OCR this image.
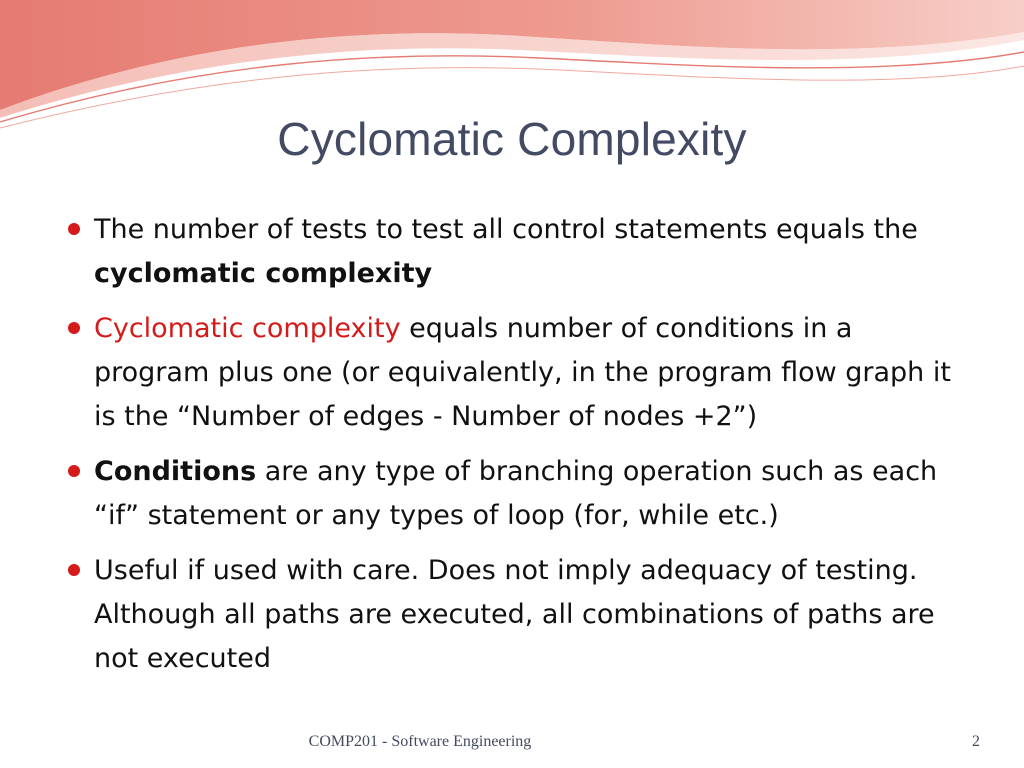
Cyclomatic Complexity
The number of tests to test all control statements equals the cyclomatic complexity
Cyclomatic complexity equals number of conditions in a program plus one (or equivalently, in the program flow graph it is the “Number of edges - Number of nodes +2”)
Conditions are any type of branching operation such as each “if” statement or any types of loop (for, while etc.)
Useful if used with care. Does not imply adequacy of testing. Although all paths are executed, all combinations of paths are not executed
COMP201 - Software Engineering	2
